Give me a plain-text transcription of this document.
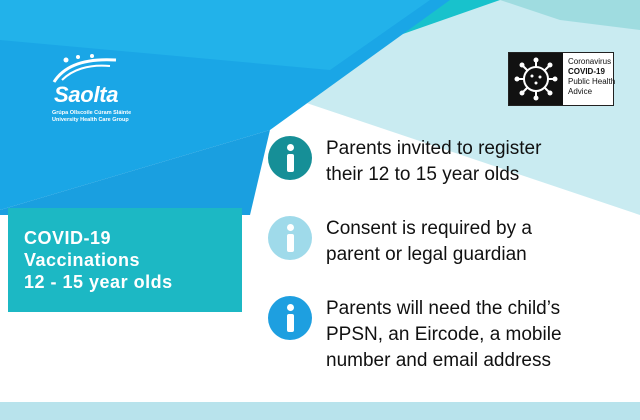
Saolta
Grúpa Ollscoile Cúram Sláinte
University Health Care Group
Coronavirus
COVID-19
Public Health
Advice
COVID-19
Vaccinations
12 - 15 year olds
Parents invited to register
their 12 to 15 year olds
Consent is required by a
parent or legal guardian
Parents will need the child’s
PPSN, an Eircode, a mobile
number and email address
